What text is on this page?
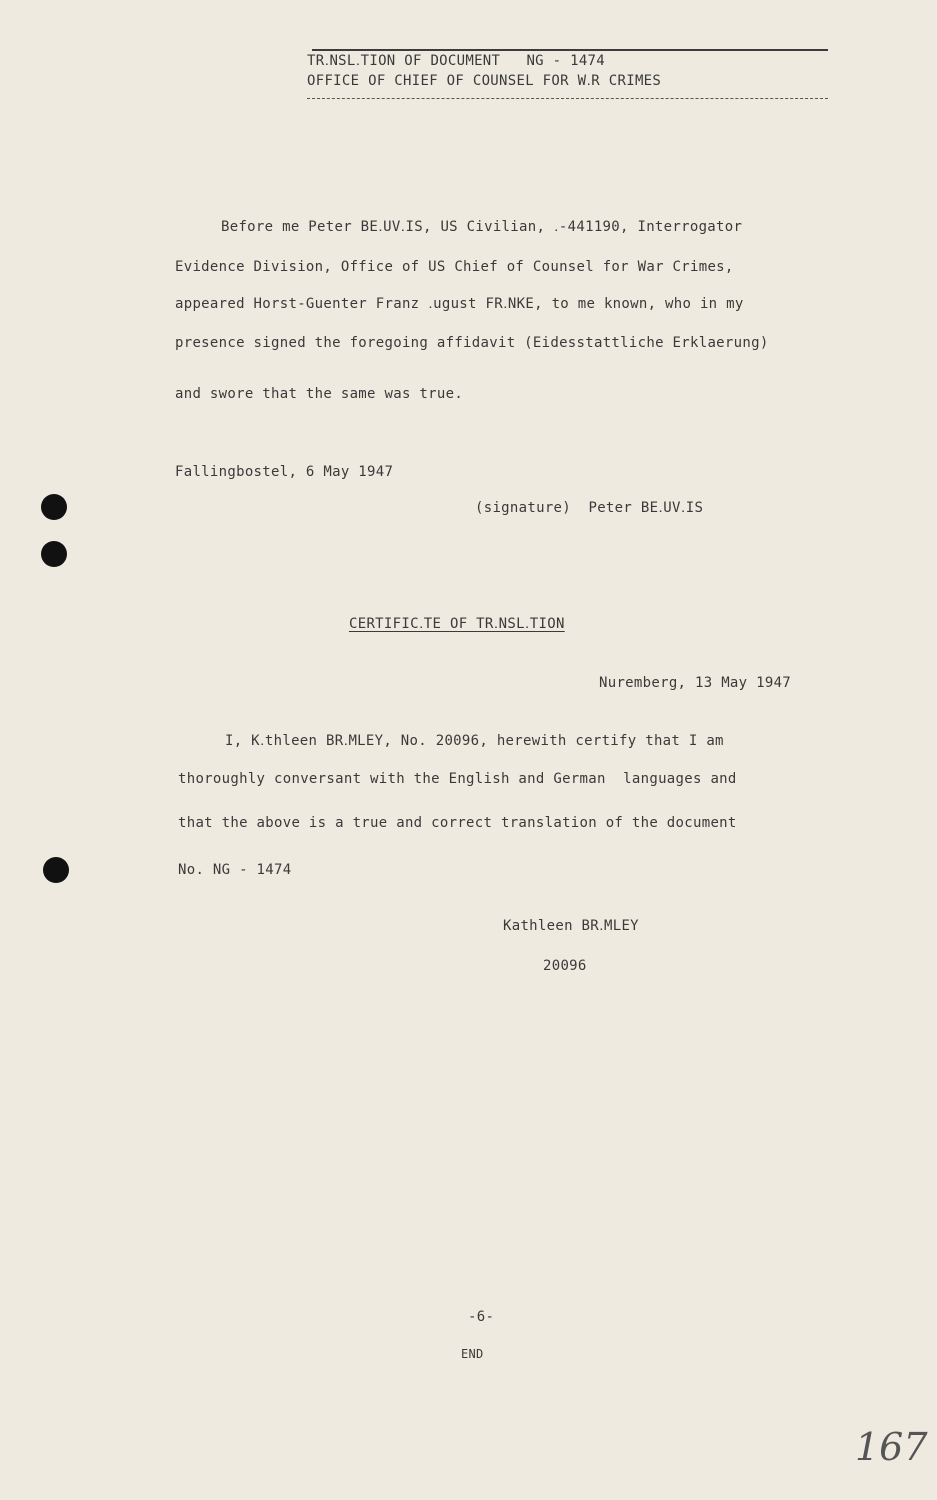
TR․NSL․TION OF DOCUMENT   NG - 1474
OFFICE OF CHIEF OF COUNSEL FOR W․R CRIMES
Before me Peter BE․UV․IS, US Civilian, ․-441190, Interrogator
Evidence Division, Office of US Chief of Counsel for War Crimes,
appeared Horst-Guenter Franz ․ugust FR․NKE, to me known, who in my
presence signed the foregoing affidavit (Eidesstattliche Erklaerung)
and swore that the same was true.
Fallingbostel, 6 May 1947
(signature)  Peter BE․UV․IS
CERTIFIC․TE OF TR․NSL․TION
Nuremberg, 13 May 1947
I, K․thleen BR․MLEY, No. 20096, herewith certify that I am
thoroughly conversant with the English and German  languages and
that the above is a true and correct translation of the document
No. NG - 1474
Kathleen BR․MLEY
20096
-6-
END
167
